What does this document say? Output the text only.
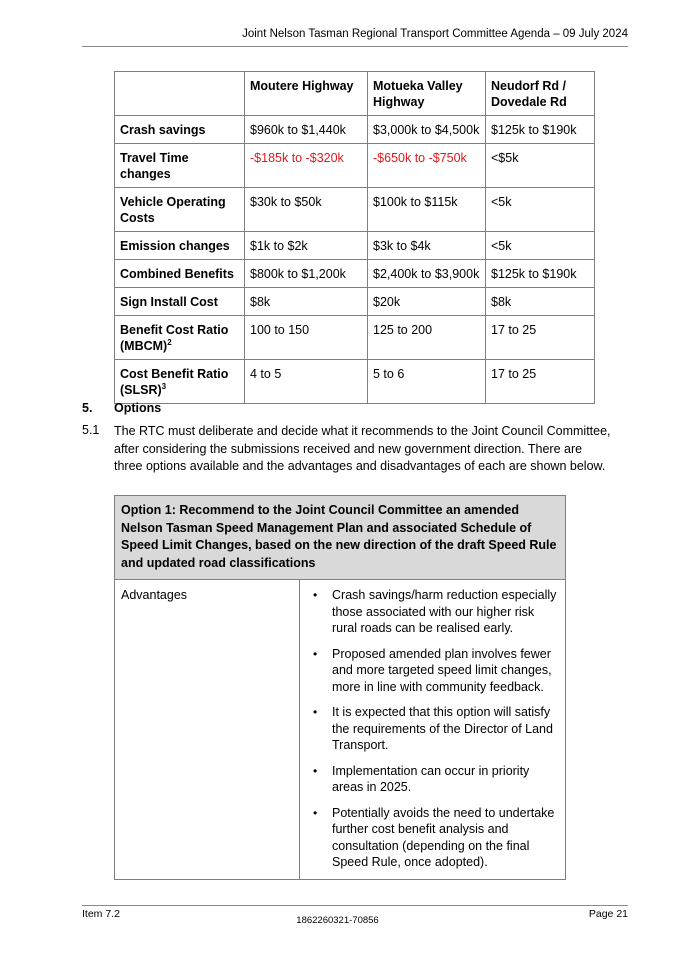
Joint Nelson Tasman Regional Transport Committee Agenda – 09 July 2024
	Moutere Highway	Motueka Valley Highway	Neudorf Rd / Dovedale Rd
Crash savings	$960k to $1,440k	$3,000k to $4,500k	$125k to $190k
Travel Time changes	-$185k to -$320k	-$650k to -$750k	<$5k
Vehicle Operating Costs	$30k to $50k	$100k to $115k	<5k
Emission changes	$1k to $2k	$3k to $4k	<5k
Combined Benefits	$800k to $1,200k	$2,400k to $3,900k	$125k to $190k
Sign Install Cost	$8k	$20k	$8k
Benefit Cost Ratio (MBCM)$^2$	100 to 150	125 to 200	17 to 25
Cost Benefit Ratio (SLSR)$^3$	4 to 5	5 to 6	17 to 25
5. Options
5.1 The RTC must deliberate and decide what it recommends to the Joint Council Committee, after considering the submissions received and new government direction. There are three options available and the advantages and disadvantages of each are shown below.
Option 1: Recommend to the Joint Council Committee an amended Nelson Tasman Speed Management Plan and associated Schedule of Speed Limit Changes, based on the new direction of the draft Speed Rule and updated road classifications
Advantages	• Crash savings/harm reduction especially those associated with our higher risk rural roads can be realised early.
• Proposed amended plan involves fewer and more targeted speed limit changes, more in line with community feedback.
• It is expected that this option will satisfy the requirements of the Director of Land Transport.
• Implementation can occur in priority areas in 2025.
• Potentially avoids the need to undertake further cost benefit analysis and consultation (depending on the final Speed Rule, once adopted).
Item 7.2
1862260321-70856
Page 21
